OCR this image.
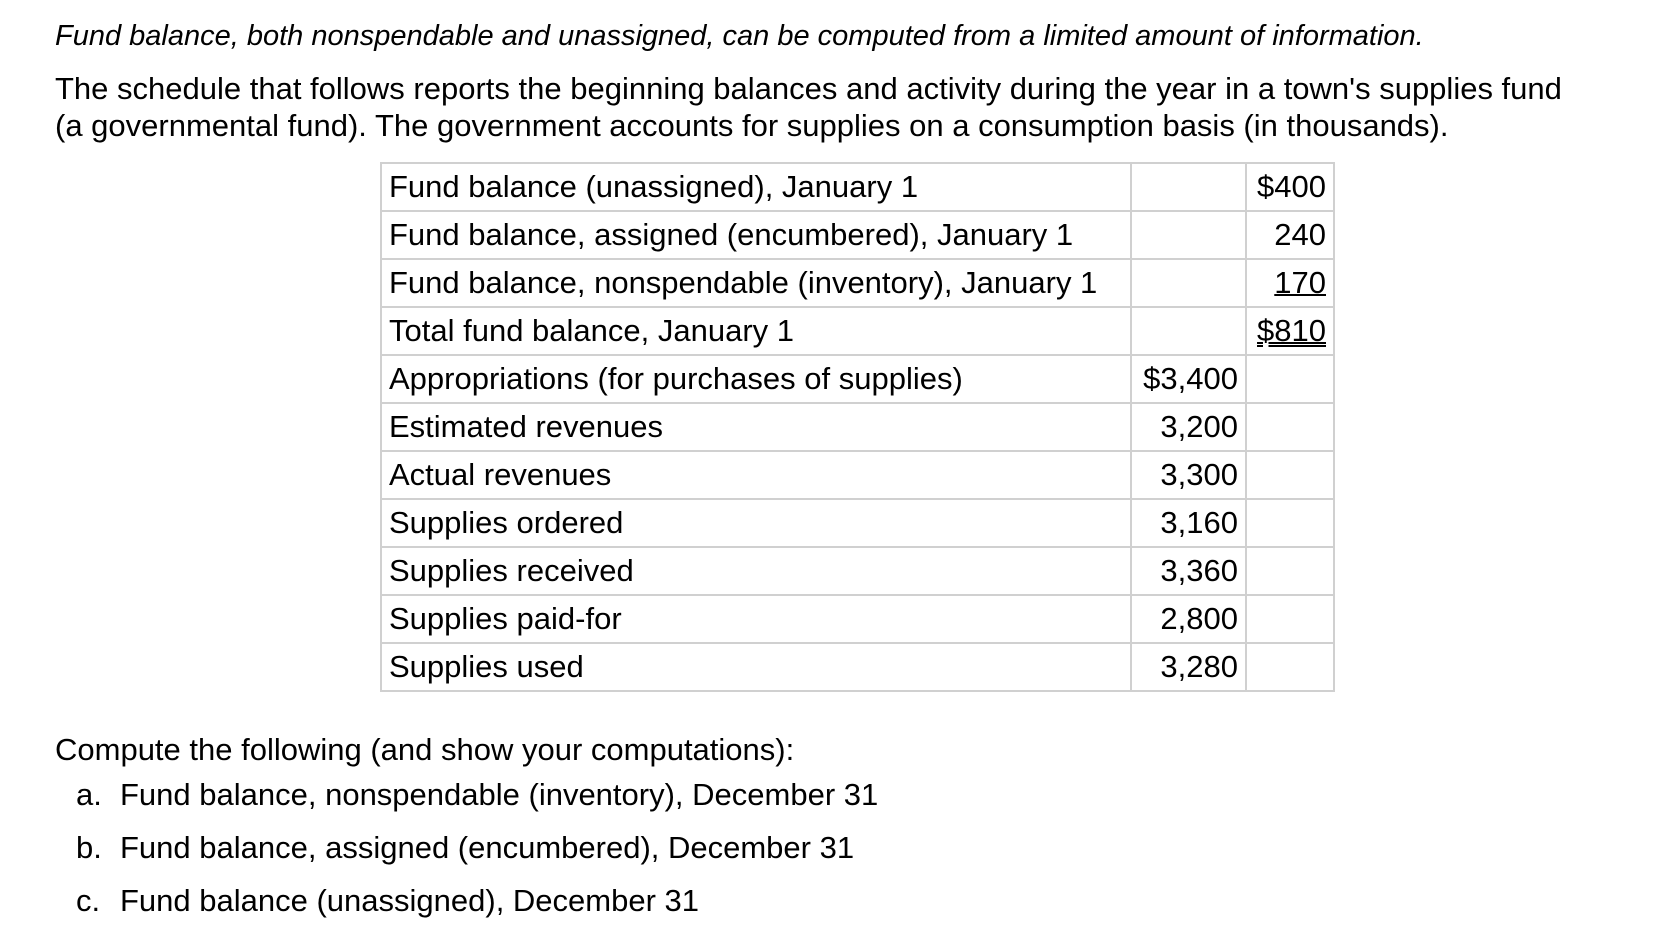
Fund balance, both nonspendable and unassigned, can be computed from a limited amount of information.
The schedule that follows reports the beginning balances and activity during the year in a town's supplies fund
(a governmental fund). The government accounts for supplies on a consumption basis (in thousands).
Fund balance (unassigned), January 1		$400
Fund balance, assigned (encumbered), January 1		240
Fund balance, nonspendable (inventory), January 1		170
Total fund balance, January 1		$810
Appropriations (for purchases of supplies)	$3,400	
Estimated revenues	3,200	
Actual revenues	3,300	
Supplies ordered	3,160	
Supplies received	3,360	
Supplies paid-for	2,800	
Supplies used	3,280	
Compute the following (and show your computations):
a. Fund balance, nonspendable (inventory), December 31
b. Fund balance, assigned (encumbered), December 31
c. Fund balance (unassigned), December 31
